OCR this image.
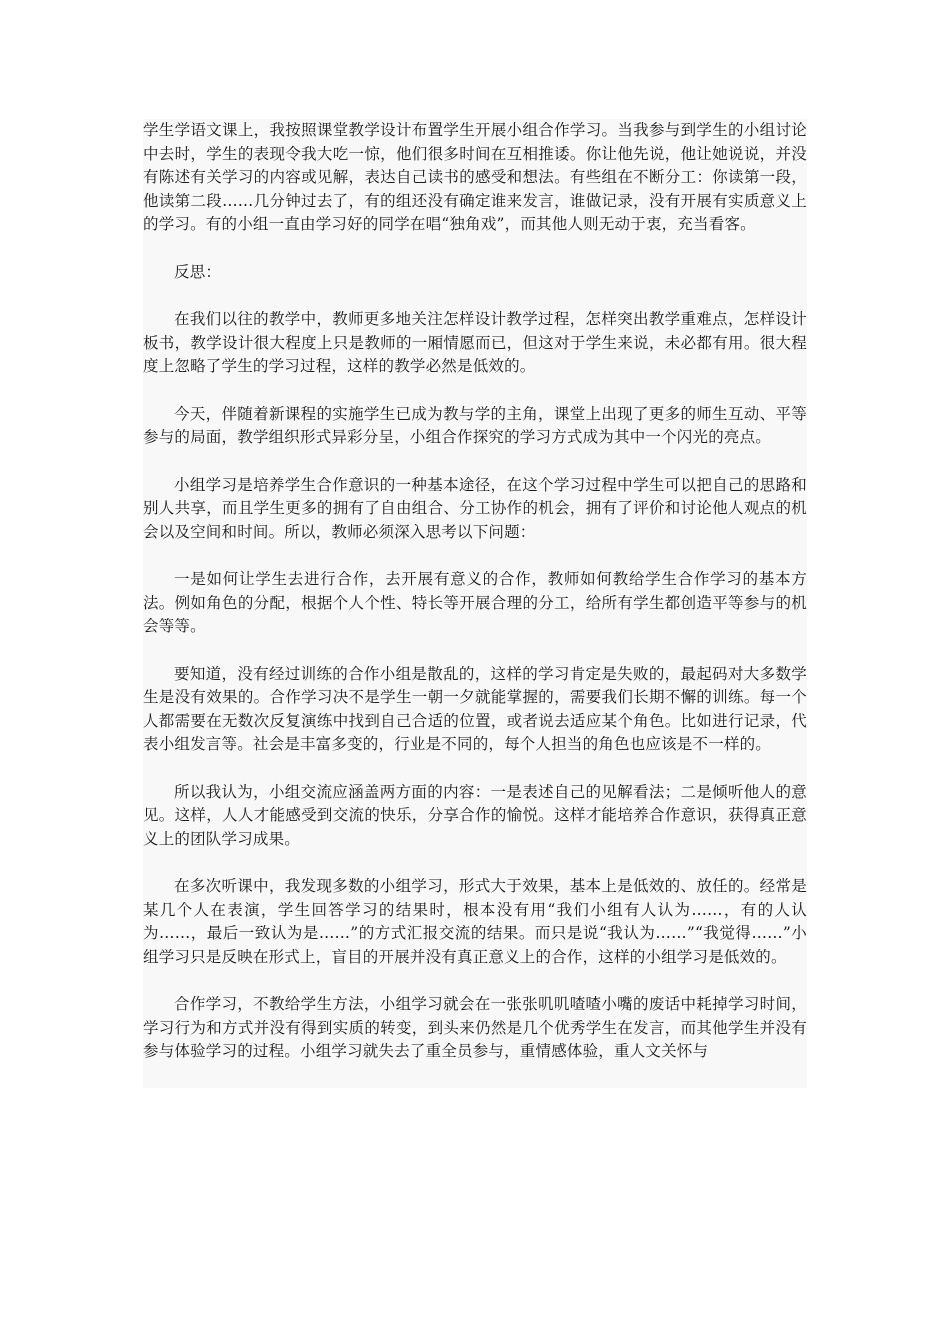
学生学语文课上，我按照课堂教学设计布置学生开展小组合作学习。当我参与到学生的小组讨论中去时，学生的表现令我大吃一惊，他们很多时间在互相推诿。你让他先说，他让她说说，并没有陈述有关学习的内容或见解，表达自己读书的感受和想法。有些组在不断分工：你读第一段，他读第二段……几分钟过去了，有的组还没有确定谁来发言，谁做记录，没有开展有实质意义上的学习。有的小组一直由学习好的同学在唱“独角戏”，而其他人则无动于衷，充当看客。

反思：

在我们以往的教学中，教师更多地关注怎样设计教学过程，怎样突出教学重难点，怎样设计板书，教学设计很大程度上只是教师的一厢情愿而已，但这对于学生来说，未必都有用。很大程度上忽略了学生的学习过程，这样的教学必然是低效的。

今天，伴随着新课程的实施学生已成为教与学的主角，课堂上出现了更多的师生互动、平等参与的局面，教学组织形式异彩分呈，小组合作探究的学习方式成为其中一个闪光的亮点。

小组学习是培养学生合作意识的一种基本途径，在这个学习过程中学生可以把自己的思路和别人共享，而且学生更多的拥有了自由组合、分工协作的机会，拥有了评价和讨论他人观点的机会以及空间和时间。所以，教师必须深入思考以下问题：

一是如何让学生去进行合作，去开展有意义的合作，教师如何教给学生合作学习的基本方法。例如角色的分配，根据个人个性、特长等开展合理的分工，给所有学生都创造平等参与的机会等等。

要知道，没有经过训练的合作小组是散乱的，这样的学习肯定是失败的，最起码对大多数学生是没有效果的。合作学习决不是学生一朝一夕就能掌握的，需要我们长期不懈的训练。每一个人都需要在无数次反复演练中找到自己合适的位置，或者说去适应某个角色。比如进行记录，代表小组发言等。社会是丰富多变的，行业是不同的，每个人担当的角色也应该是不一样的。

所以我认为，小组交流应涵盖两方面的内容：一是表述自己的见解看法；二是倾听他人的意见。这样，人人才能感受到交流的快乐，分享合作的愉悦。这样才能培养合作意识，获得真正意义上的团队学习成果。

在多次听课中，我发现多数的小组学习，形式大于效果，基本上是低效的、放任的。经常是某几个人在表演，学生回答学习的结果时，根本没有用“我们小组有人认为……，有的人认为……，最后一致认为是……”的方式汇报交流的结果。而只是说“我认为……”“我觉得……”小组学习只是反映在形式上，盲目的开展并没有真正意义上的合作，这样的小组学习是低效的。

合作学习，不教给学生方法，小组学习就会在一张张叽叽喳喳小嘴的废话中耗掉学习时间，学习行为和方式并没有得到实质的转变，到头来仍然是几个优秀学生在发言，而其他学生并没有参与体验学习的过程。小组学习就失去了重全员参与，重情感体验，重人文关怀与
